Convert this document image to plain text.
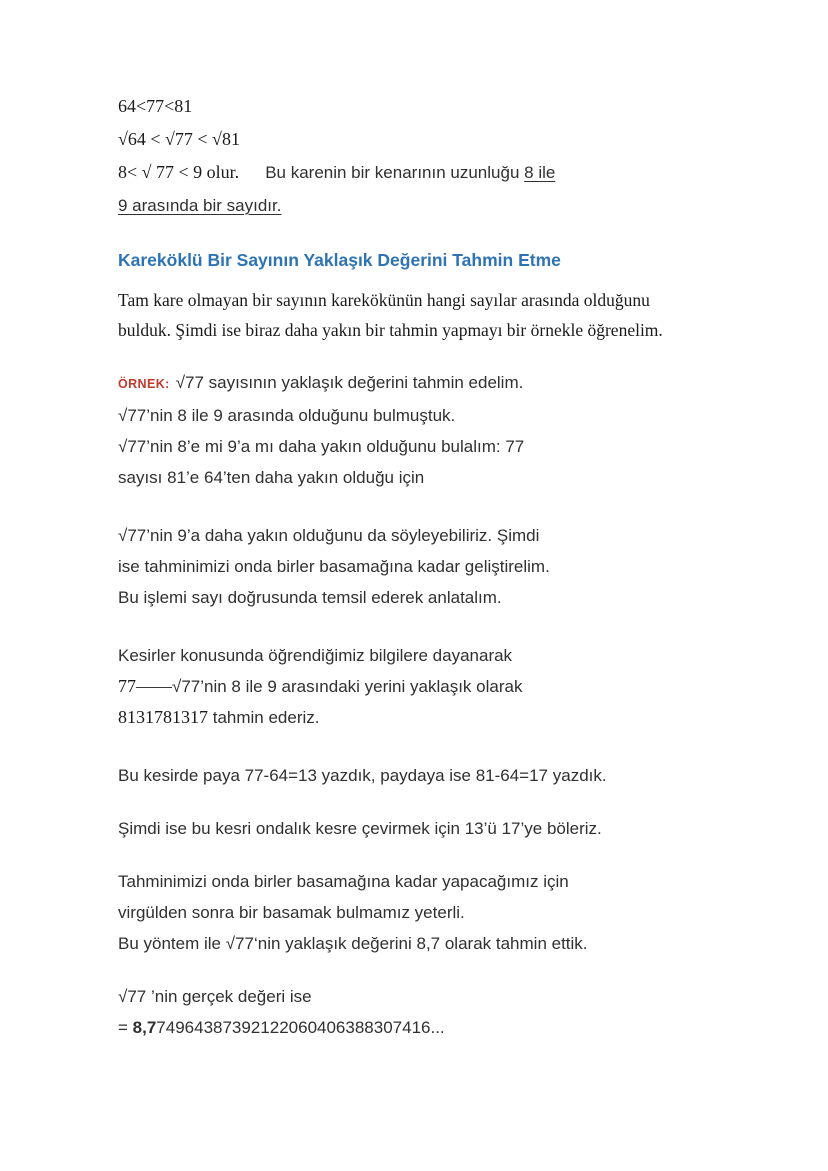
64<77<81
√64 < √77 < √81
8< √ 77 < 9 olur. Bu karenin bir kenarının uzunluğu 8 ile
9 arasında bir sayıdır.
Kareköklü Bir Sayının Yaklaşık Değerini Tahmin Etme
Tam kare olmayan bir sayının karekökünün hangi sayılar arasında olduğunu
bulduk. Şimdi ise biraz daha yakın bir tahmin yapmayı bir örnekle öğrenelim.
ÖRNEK: √77 sayısının yaklaşık değerini tahmin edelim.
√77’nin 8 ile 9 arasında olduğunu bulmuştuk.
√77’nin 8’e mi 9’a mı daha yakın olduğunu bulalım: 77
sayısı 81’e 64’ten daha yakın olduğu için
√77’nin 9’a daha yakın olduğunu da söyleyebiliriz. Şimdi
ise tahminimizi onda birler basamağına kadar geliştirelim.
Bu işlemi sayı doğrusunda temsil ederek anlatalım.
Kesirler konusunda öğrendiğimiz bilgilere dayanarak
77——√77’nin 8 ile 9 arasındaki yerini yaklaşık olarak
8131781317 tahmin ederiz.
Bu kesirde paya 77-64=13 yazdık, paydaya ise 81-64=17 yazdık.
Şimdi ise bu kesri ondalık kesre çevirmek için 13’ü 17’ye böleriz.
Tahminimizi onda birler basamağına kadar yapacağımız için
virgülden sonra bir basamak bulmamız yeterli.
Bu yöntem ile √77‘nin yaklaşık değerini 8,7 olarak tahmin ettik.
√77 ’nin gerçek değeri ise
= 8,774964387392122060406388307416...
